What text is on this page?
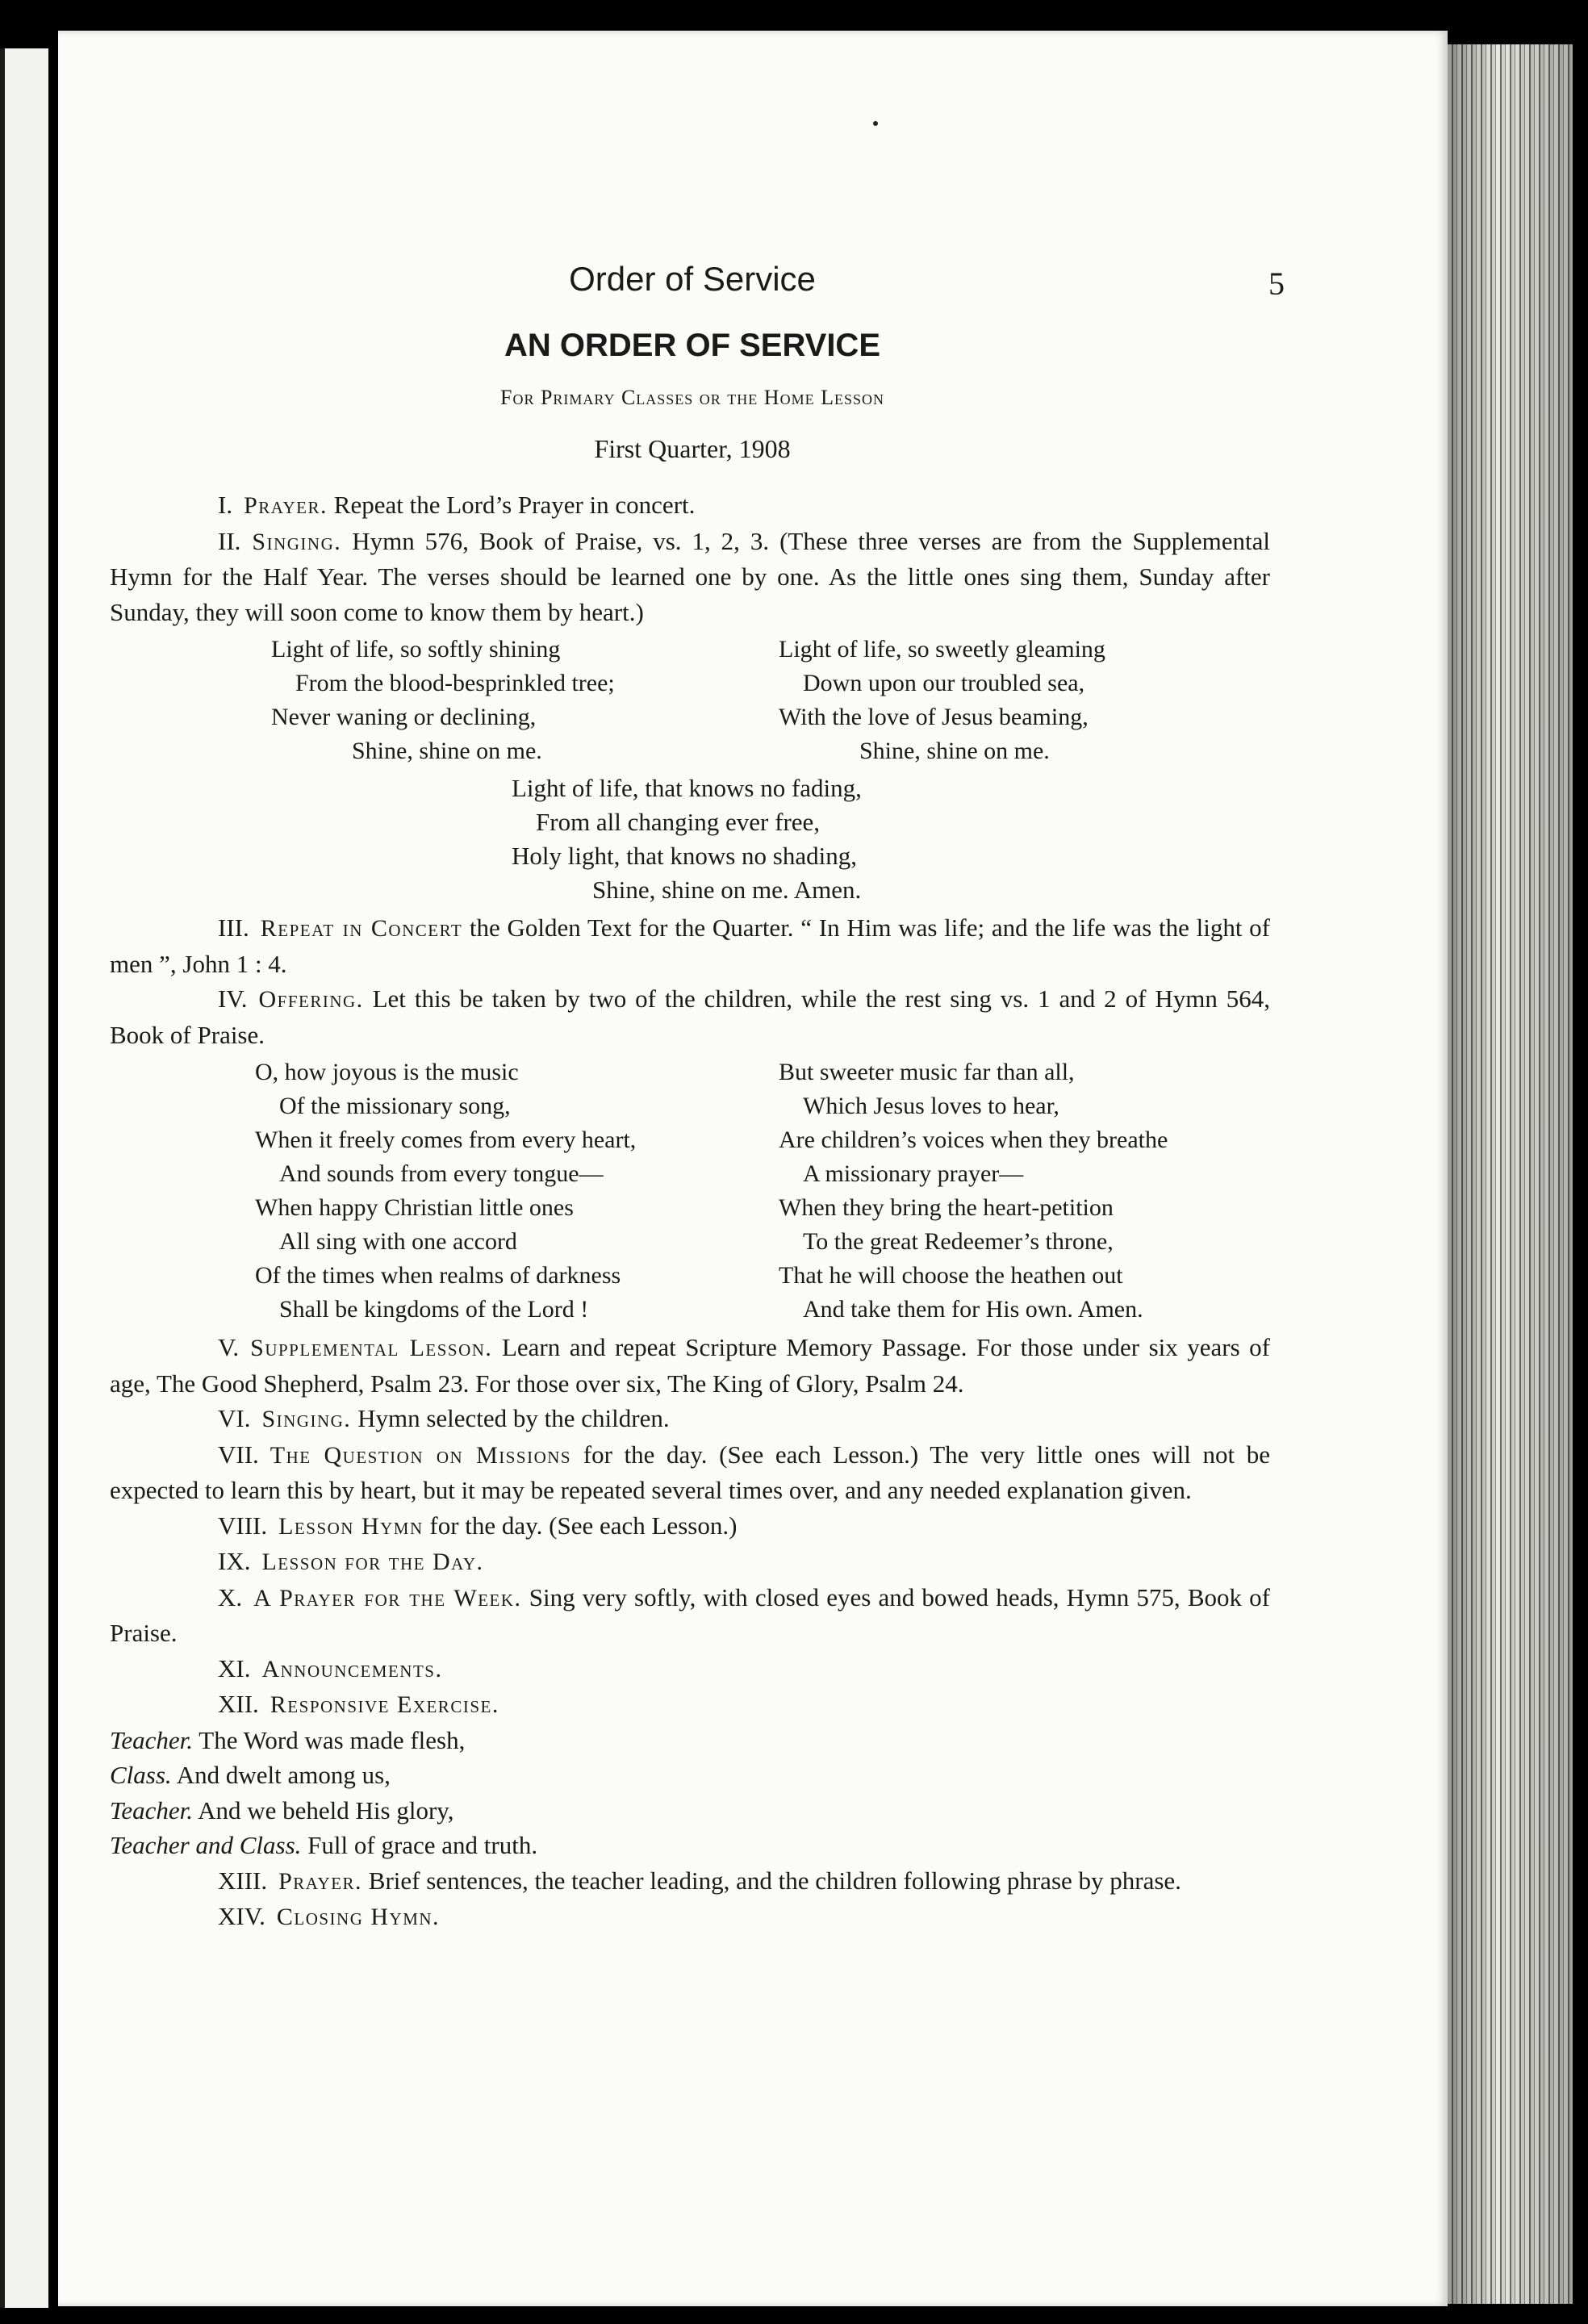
Order of Service	5
AN ORDER OF SERVICE
For Primary Classes or the Home Lesson
First Quarter, 1908

I. Prayer. Repeat the Lord’s Prayer in concert.

II. Singing. Hymn 576, Book of Praise, vs. 1, 2, 3. (These three verses are from the Supplemental Hymn for the Half Year. The verses should be learned one by one. As the little ones sing them, Sunday after Sunday, they will soon come to know them by heart.)

Light of life, so softly shining
From the blood-besprinkled tree;
Never waning or declining,
Shine, shine on me.
Light of life, so sweetly gleaming
Down upon our troubled sea,
With the love of Jesus beaming,
Shine, shine on me.
Light of life, that knows no fading,
From all changing ever free,
Holy light, that knows no shading,
Shine, shine on me. Amen.

III. Repeat in Concert the Golden Text for the Quarter. “ In Him was life; and the life was the light of men ”, John 1 : 4.

IV. Offering. Let this be taken by two of the children, while the rest sing vs. 1 and 2 of Hymn 564, Book of Praise.

O, how joyous is the music
Of the missionary song,
When it freely comes from every heart,
And sounds from every tongue—
When happy Christian little ones
All sing with one accord
Of the times when realms of darkness
Shall be kingdoms of the Lord !
But sweeter music far than all,
Which Jesus loves to hear,
Are children’s voices when they breathe
A missionary prayer—
When they bring the heart-petition
To the great Redeemer’s throne,
That he will choose the heathen out
And take them for His own. Amen.

V. Supplemental Lesson. Learn and repeat Scripture Memory Passage. For those under six years of age, The Good Shepherd, Psalm 23. For those over six, The King of Glory, Psalm 24.

VI. Singing. Hymn selected by the children.

VII. The Question on Missions for the day. (See each Lesson.) The very little ones will not be expected to learn this by heart, but it may be repeated several times over, and any needed explanation given.

VIII. Lesson Hymn for the day. (See each Lesson.)

IX. Lesson for the Day.

X. A Prayer for the Week. Sing very softly, with closed eyes and bowed heads, Hymn 575, Book of Praise.

XI. Announcements.

XII. Responsive Exercise.

Teacher. The Word was made flesh,

Class. And dwelt among us,

Teacher. And we beheld His glory,

Teacher and Class. Full of grace and truth.

XIII. Prayer. Brief sentences, the teacher leading, and the children following phrase by phrase.

XIV. Closing Hymn.
